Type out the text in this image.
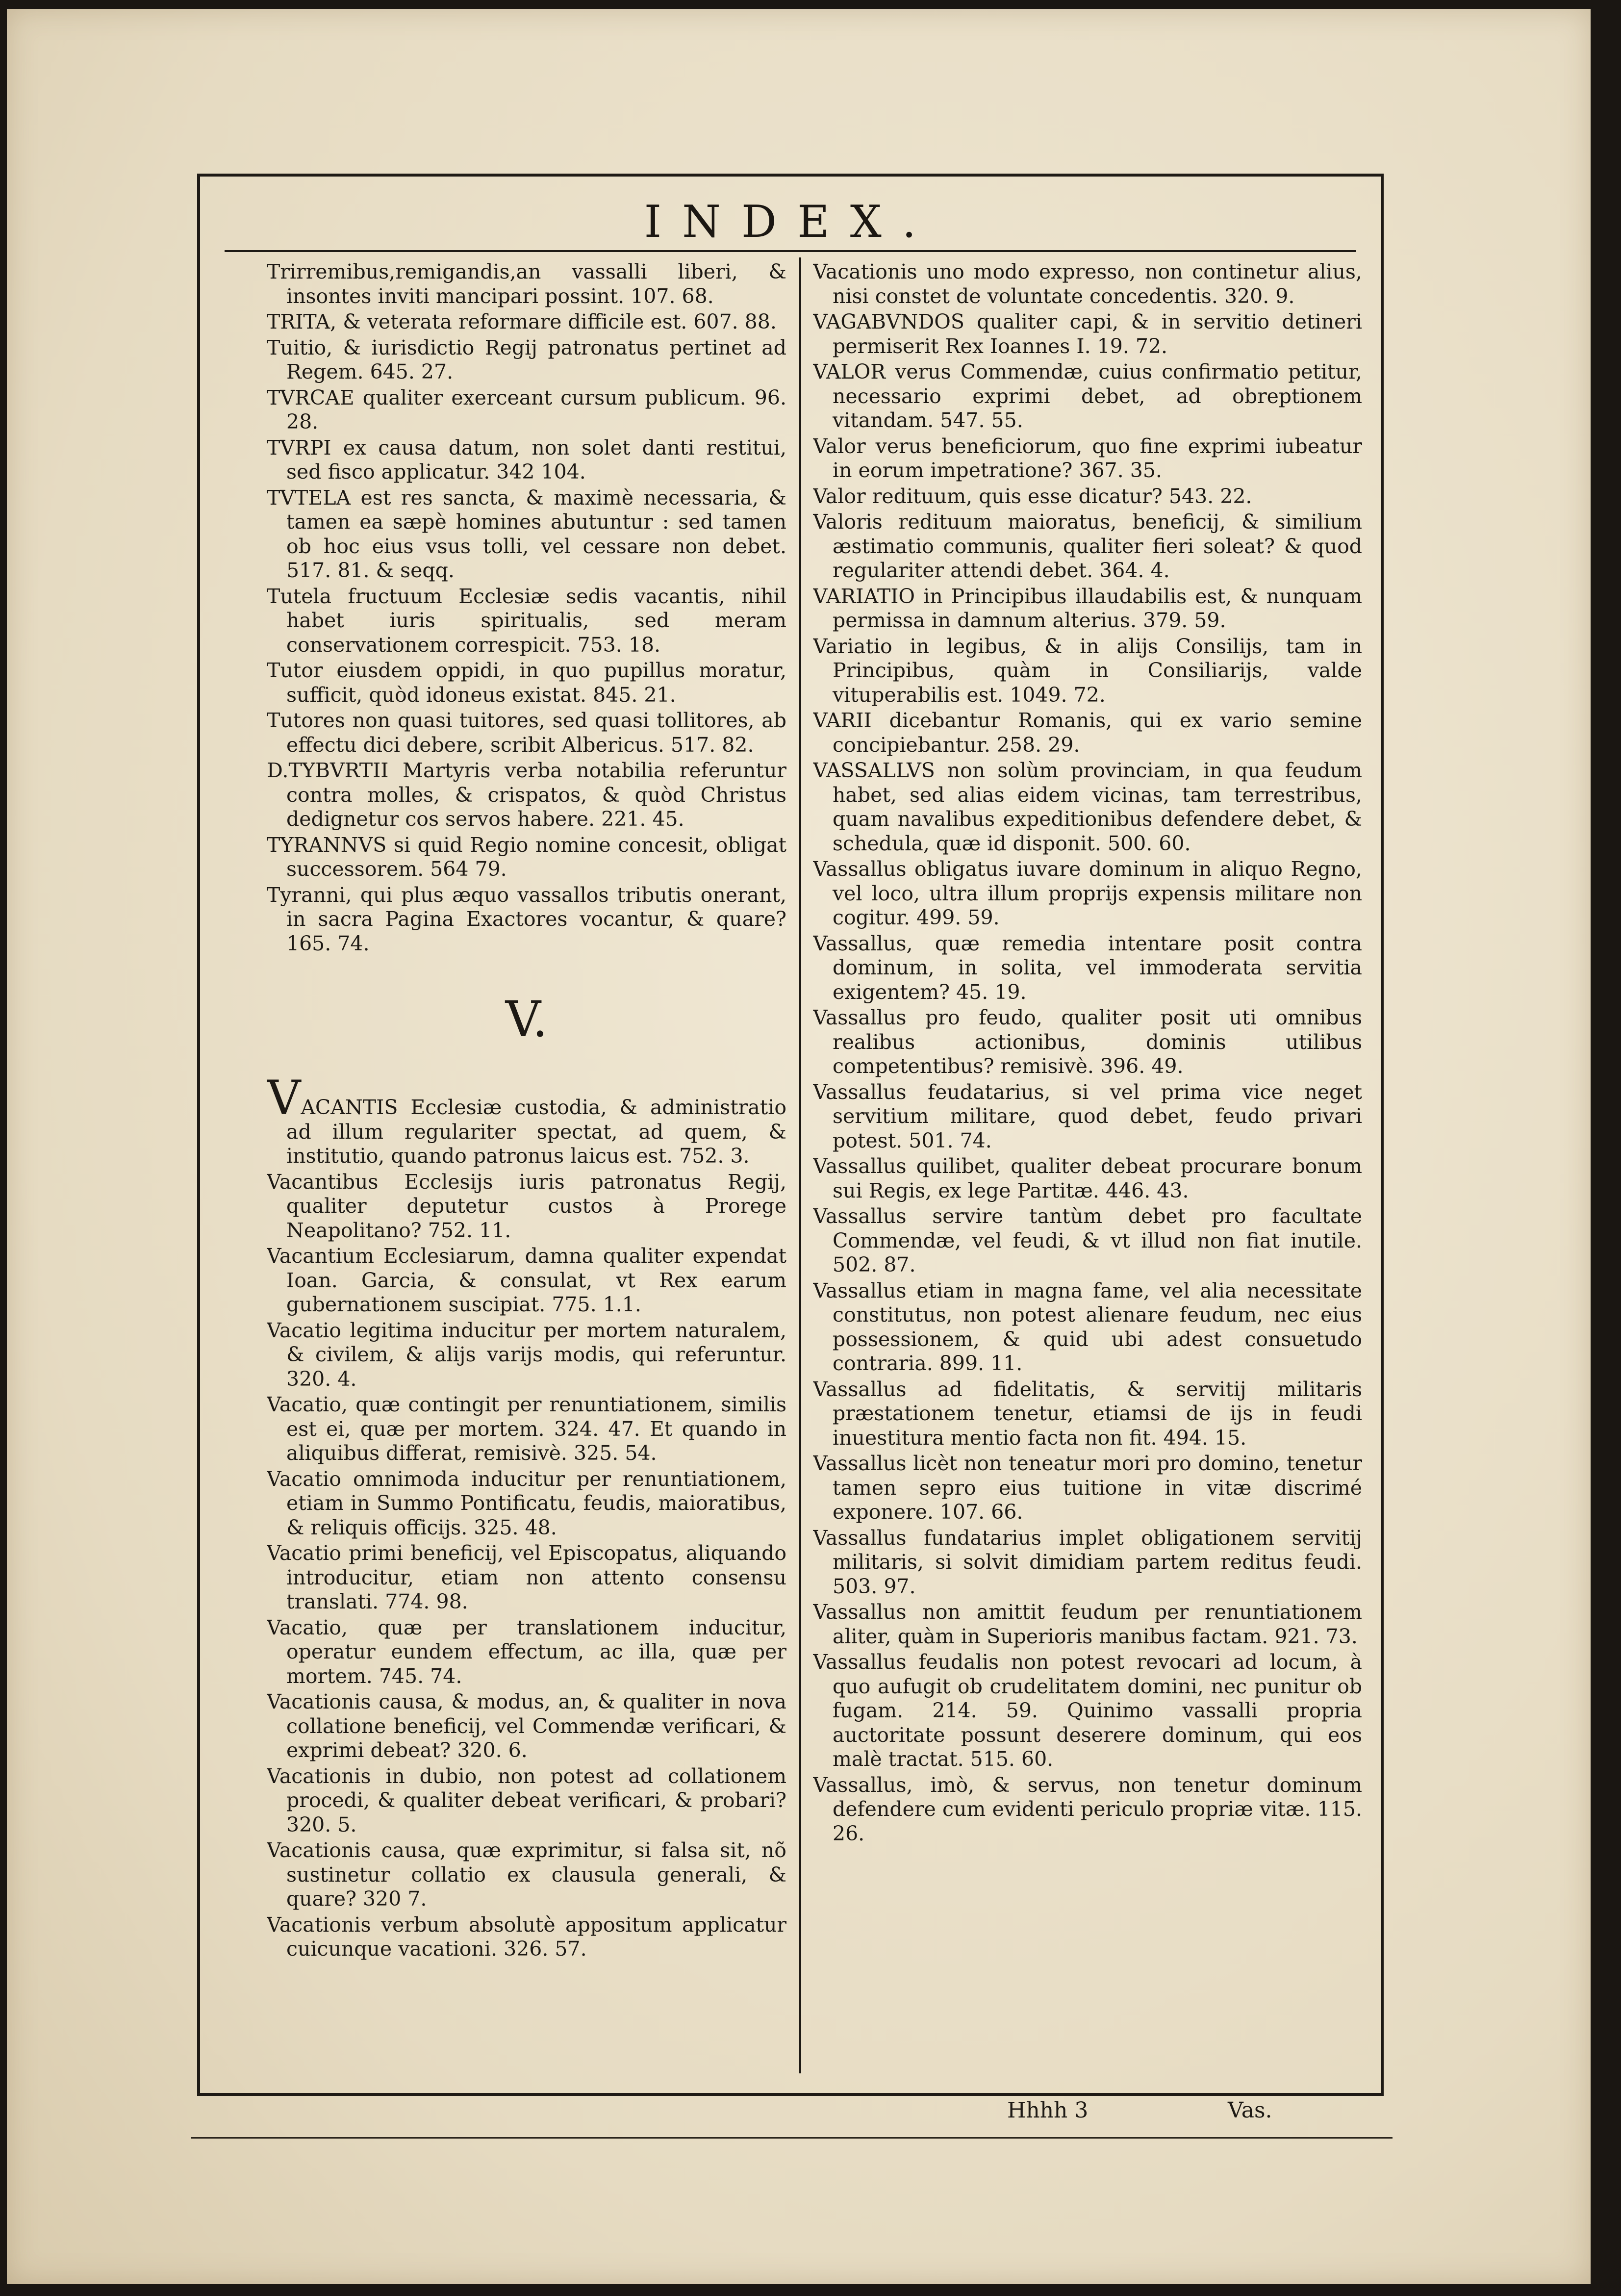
INDEX.

Trirremibus,remigandis,an vassalli liberi, & insontes inviti mancipari possint. 107. 68.

TRITA, & veterata reformare difficile est. 607. 88.

Tuitio, & iurisdictio Regij patronatus pertinet ad Regem. 645. 27.

TVRCAE qualiter exerceant cursum publicum. 96. 28.

TVRPI ex causa datum, non solet danti restitui, sed fisco applicatur. 342 104.

TVTELA est res sancta, & maximè necessaria, & tamen ea sæpè homines abutuntur : sed tamen ob hoc eius vsus tolli, vel cessare non debet. 517. 81. & seqq.

Tutela fructuum Ecclesiæ sedis vacantis, nihil habet iuris spiritualis, sed meram conservationem correspicit. 753. 18.

Tutor eiusdem oppidi, in quo pupillus moratur, sufficit, quòd idoneus existat. 845. 21.

Tutores non quasi tuitores, sed quasi tollitores, ab effectu dici debere, scribit Albericus. 517. 82.

D.TYBVRTII Martyris verba notabilia referuntur contra molles, & crispatos, & quòd Christus dedignetur cos servos habere. 221. 45.

TYRANNVS si quid Regio nomine concesit, obligat successorem. 564 79.

Tyranni, qui plus æquo vassallos tributis onerant, in sacra Pagina Exactores vocantur, & quare? 165. 74.

V.

VACANTIS Ecclesiæ custodia, & administratio ad illum regulariter spectat, ad quem, & institutio, quando patronus laicus est. 752. 3.

Vacantibus Ecclesijs iuris patronatus Regij, qualiter deputetur custos à Prorege Neapolitano? 752. 11.

Vacantium Ecclesiarum, damna qualiter expendat Ioan. Garcia, & consulat, vt Rex earum gubernationem suscipiat. 775. 1.1.

Vacatio legitima inducitur per mortem naturalem, & civilem, & alijs varijs modis, qui referuntur. 320. 4.

Vacatio, quæ contingit per renuntiationem, similis est ei, quæ per mortem. 324. 47. Et quando in aliquibus differat, remisivè. 325. 54.

Vacatio omnimoda inducitur per renuntiationem, etiam in Summo Pontificatu, feudis, maioratibus, & reliquis officijs. 325. 48.

Vacatio primi beneficij, vel Episcopatus, aliquando introducitur, etiam non attento consensu translati. 774. 98.

Vacatio, quæ per translationem inducitur, operatur eundem effectum, ac illa, quæ per mortem. 745. 74.

Vacationis causa, & modus, an, & qualiter in nova collatione beneficij, vel Commendæ verificari, & exprimi debeat? 320. 6.

Vacationis in dubio, non potest ad collationem procedi, & qualiter debeat verificari, & probari? 320. 5.

Vacationis causa, quæ exprimitur, si falsa sit, nõ sustinetur collatio ex clausula generali, & quare? 320 7.

Vacationis verbum absolutè appositum applicatur cuicunque vacationi. 326. 57.

Vacationis uno modo expresso, non continetur alius, nisi constet de voluntate concedentis. 320. 9.

VAGABVNDOS qualiter capi, & in servitio detineri permiserit Rex Ioannes I. 19. 72.

VALOR verus Commendæ, cuius confirmatio petitur, necessario exprimi debet, ad obreptionem vitandam. 547. 55.

Valor verus beneficiorum, quo fine exprimi iubeatur in eorum impetratione? 367. 35.

Valor redituum, quis esse dicatur? 543. 22.

Valoris redituum maioratus, beneficij, & similium æstimatio communis, qualiter fieri soleat? & quod regulariter attendi debet. 364. 4.

VARIATIO in Principibus illaudabilis est, & nunquam permissa in damnum alterius. 379. 59.

Variatio in legibus, & in alijs Consilijs, tam in Principibus, quàm in Consiliarijs, valde vituperabilis est. 1049. 72.

VARII dicebantur Romanis, qui ex vario semine concipiebantur. 258. 29.

VASSALLVS non solùm provinciam, in qua feudum habet, sed alias eidem vicinas, tam terrestribus, quam navalibus expeditionibus defendere debet, & schedula, quæ id disponit. 500. 60.

Vassallus obligatus iuvare dominum in aliquo Regno, vel loco, ultra illum proprijs expensis militare non cogitur. 499. 59.

Vassallus, quæ remedia intentare posit contra dominum, in solita, vel immoderata servitia exigentem? 45. 19.

Vassallus pro feudo, qualiter posit uti omnibus realibus actionibus, dominis utilibus competentibus? remisivè. 396. 49.

Vassallus feudatarius, si vel prima vice neget servitium militare, quod debet, feudo privari potest. 501. 74.

Vassallus quilibet, qualiter debeat procurare bonum sui Regis, ex lege Partitæ. 446. 43.

Vassallus servire tantùm debet pro facultate Commendæ, vel feudi, & vt illud non fiat inutile. 502. 87.

Vassallus etiam in magna fame, vel alia necessitate constitutus, non potest alienare feudum, nec eius possessionem, & quid ubi adest consuetudo contraria. 899. 11.

Vassallus ad fidelitatis, & servitij militaris præstationem tenetur, etiamsi de ijs in feudi inuestitura mentio facta non fit. 494. 15.

Vassallus licèt non teneatur mori pro domino, tenetur tamen sepro eius tuitione in vitæ discrimé exponere. 107. 66.

Vassallus fundatarius implet obligationem servitij militaris, si solvit dimidiam partem reditus feudi. 503. 97.

Vassallus non amittit feudum per renuntiationem aliter, quàm in Superioris manibus factam. 921. 73.

Vassallus feudalis non potest revocari ad locum, à quo aufugit ob crudelitatem domini, nec punitur ob fugam. 214. 59. Quinimo vassalli propria auctoritate possunt deserere dominum, qui eos malè tractat. 515. 60.

Vassallus, imò, & servus, non tenetur dominum defendere cum evidenti periculo propriæ vitæ. 115. 26.

Hhhh 3	Vas.
